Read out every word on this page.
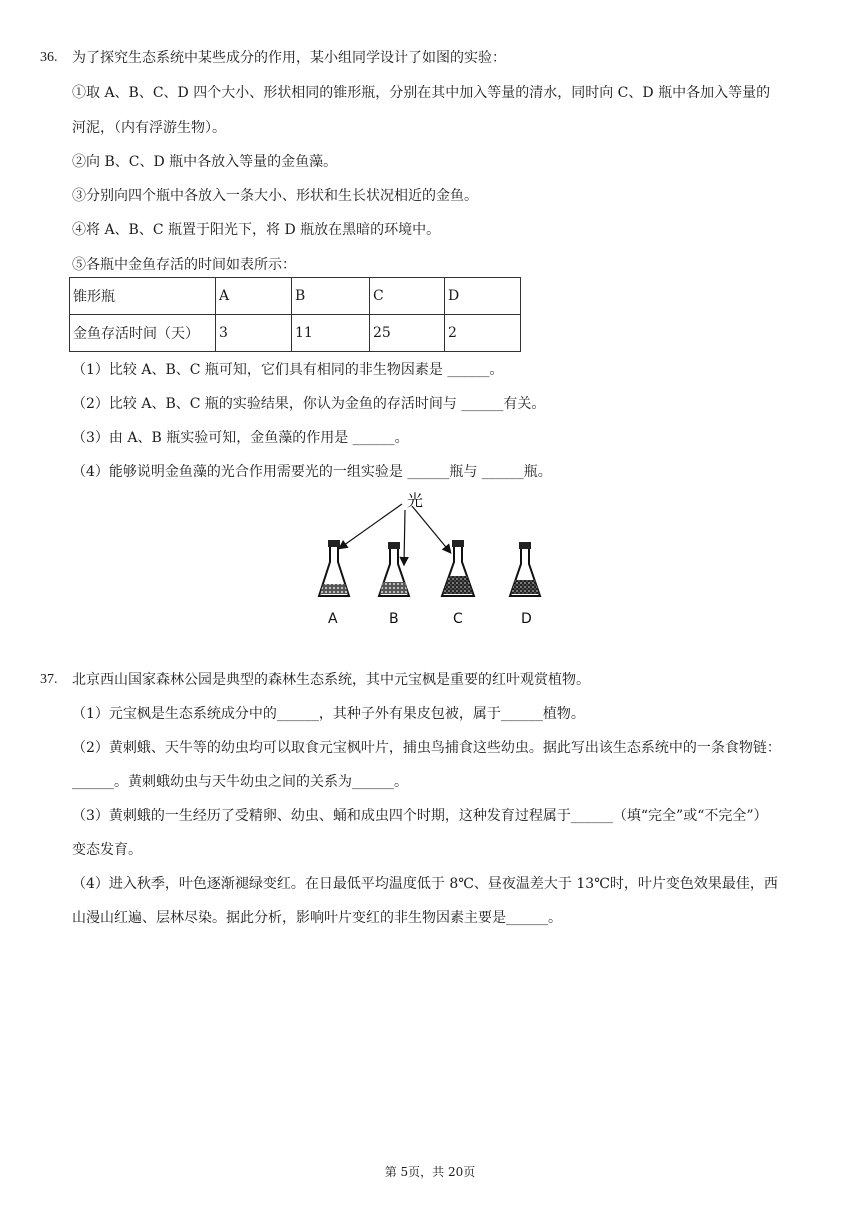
36. 为了探究生态系统中某些成分的作用，某小组同学设计了如图的实验：
①取 A、B、C、D 四个大小、形状相同的锥形瓶，分别在其中加入等量的清水，同时向 C、D 瓶中各加入等量的
河泥，（内有浮游生物）。
②向 B、C、D 瓶中各放入等量的金鱼藻。
③分别向四个瓶中各放入一条大小、形状和生长状况相近的金鱼。
④将 A、B、C 瓶置于阳光下，将 D 瓶放在黑暗的环境中。
⑤各瓶中金鱼存活的时间如表所示：
锥形瓶	A	B	C	D
金鱼存活时间（天）	3	11	25	2
（1）比较 A、B、C 瓶可知，它们具有相同的非生物因素是 ______。
（2）比较 A、B、C 瓶的实验结果，你认为金鱼的存活时间与 ______有关。
（3）由 A、B 瓶实验可知，金鱼藻的作用是 ______。
（4）能够说明金鱼藻的光合作用需要光的一组实验是 ______瓶与 ______瓶。
光
A	B	C	D
37. 北京西山国家森林公园是典型的森林生态系统，其中元宝枫是重要的红叶观赏植物。
（1）元宝枫是生态系统成分中的______，其种子外有果皮包被，属于______植物。
（2）黄刺蛾、天牛等的幼虫均可以取食元宝枫叶片，捕虫鸟捕食这些幼虫。据此写出该生态系统中的一条食物链：
______。黄刺蛾幼虫与天牛幼虫之间的关系为______。
（3）黄刺蛾的一生经历了受精卵、幼虫、蛹和成虫四个时期，这种发育过程属于______（填“完全”或“不完全”）
变态发育。
（4）进入秋季，叶色逐渐褪绿变红。在日最低平均温度低于 8℃、昼夜温差大于 13℃时，叶片变色效果最佳，西
山漫山红遍、层林尽染。据此分析，影响叶片变红的非生物因素主要是______。
第 5页，共 20页
